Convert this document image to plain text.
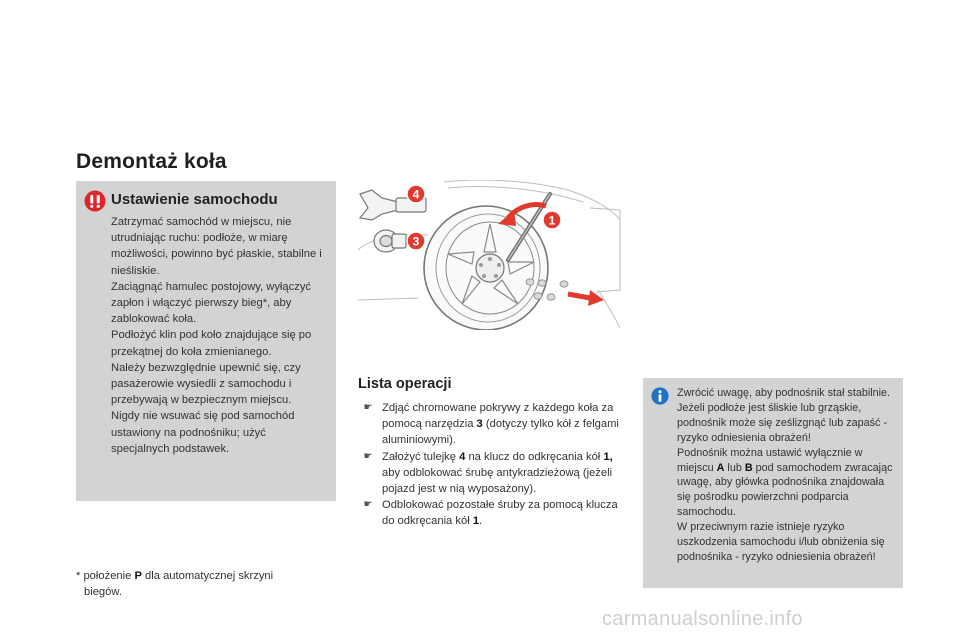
Demontaż koła
Ustawienie samochodu

Zatrzymać samochód w miejscu, nie utrudniając ruchu: podłoże, w miarę możliwości, powinno być płaskie, stabilne i nieśliskie.

Zaciągnąć hamulec postojowy, wyłączyć zapłon i włączyć pierwszy bieg*, aby zablokować koła.

Podłożyć klin pod koło znajdujące się po przekątnej do koła zmienianego.

Należy bezwzględnie upewnić się, czy pasażerowie wysiedli z samochodu i przebywają w bezpiecznym miejscu.

Nigdy nie wsuwać się pod samochód ustawiony na podnośniku; użyć specjalnych podstawek.

4
3
1
Lista operacji
☛ Zdjąć chromowane pokrywy z każdego koła za pomocą narzędzia 3 (dotyczy tylko kół z felgami aluminiowymi).
☛ Założyć tulejkę 4 na klucz do odkręcania kół 1, aby odblokować śrubę antykradzieżową (jeżeli pojazd jest w nią wyposażony).
☛ Odblokować pozostałe śruby za pomocą klucza do odkręcania kół 1.

Zwrócić uwagę, aby podnośnik stał stabilnie. Jeżeli podłoże jest śliskie lub grząskie, podnośnik może się ześlizgnąć lub zapaść - ryzyko odniesienia obrażeń!

Podnośnik można ustawić wyłącznie w miejscu A lub B pod samochodem zwracając uwagę, aby główka podnośnika znajdowała się pośrodku powierzchni podparcia samochodu.

W przeciwnym razie istnieje ryzyko uszkodzenia samochodu i/lub obniżenia się podnośnika - ryzyko odniesienia obrażeń!

* położenie P dla automatycznej skrzyni
biegów.
carmanualsonline.info
